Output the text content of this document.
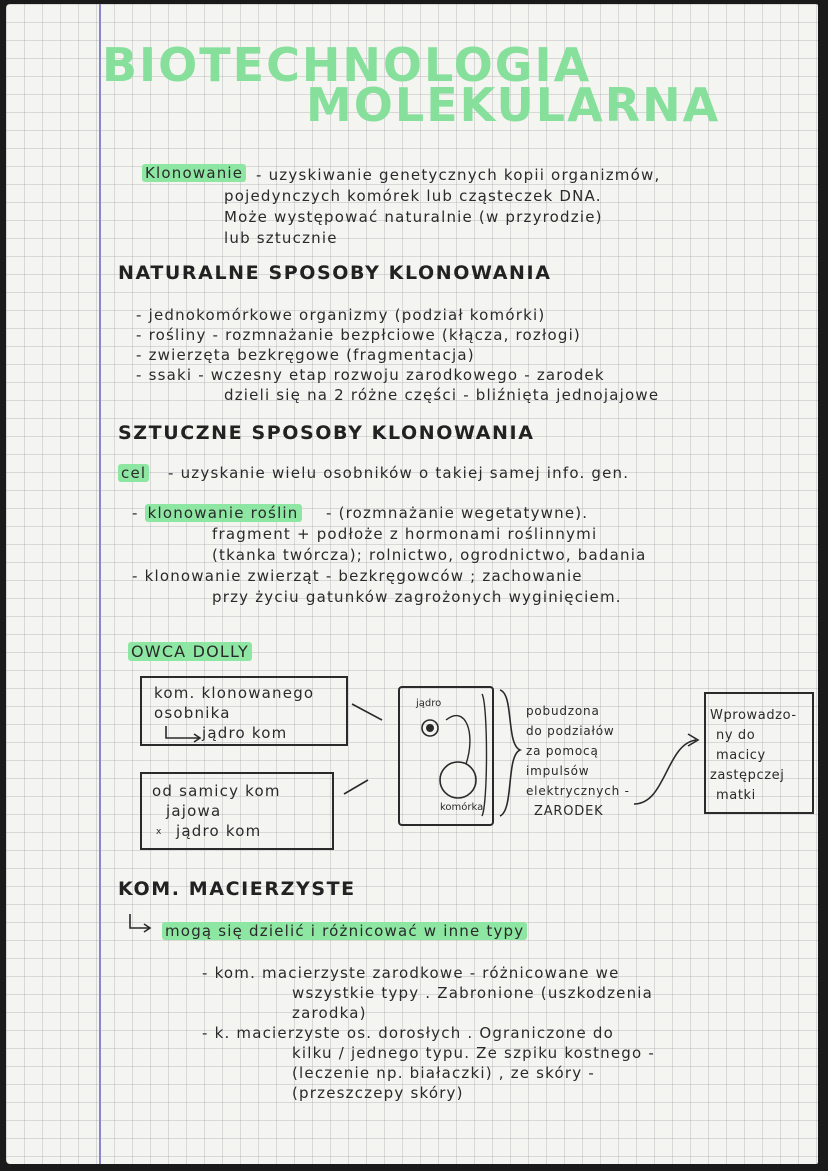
BIOTECHNOLOGIA
MOLEKULARNA

Klonowanie - uzyskiwanie genetycznych kopii organizmów,

pojedynczych komórek lub cząsteczek DNA.

Może występować naturalnie (w przyrodzie)

lub sztucznie

NATURALNE SPOSOBY KLONOWANIA

- jednokomórkowe organizmy (podział komórki)

- rośliny - rozmnażanie bezpłciowe (kłącza, rozłogi)

- zwierzęta bezkręgowe (fragmentacja)

- ssaki - wczesny etap rozwoju zarodkowego - zarodek

dzieli się na 2 różne części - bliźnięta jednojajowe

SZTUCZNE SPOSOBY KLONOWANIA

cel - uzyskanie wielu osobników o takiej samej info. gen.

- klonowanie roślin - (rozmnażanie wegetatywne).

fragment + podłoże z hormonami roślinnymi

(tkanka twórcza); rolnictwo, ogrodnictwo, badania

- klonowanie zwierząt - bezkręgowców ; zachowanie

przy życiu gatunków zagrożonych wyginięciem.

OWCA DOLLY

kom. klonowanego

osobnika

jądro kom

od samicy kom

jajowa

jądro kom

jądro

komórka

pobudzona

do podziałów

za pomocą

impulsów

elektrycznych -

ZARODEK

Wprowadzo-

ny do

macicy

zastępczej

matki

KOM. MACIERZYSTE

mogą się dzielić i różnicować w inne typy

- kom. macierzyste zarodkowe - różnicowane we

wszystkie typy . Zabronione (uszkodzenia

zarodka)

- k. macierzyste os. dorosłych . Ograniczone do

kilku / jednego typu. Ze szpiku kostnego -

(leczenie np. białaczki) , ze skóry -

(przeszczepy skóry)

x
